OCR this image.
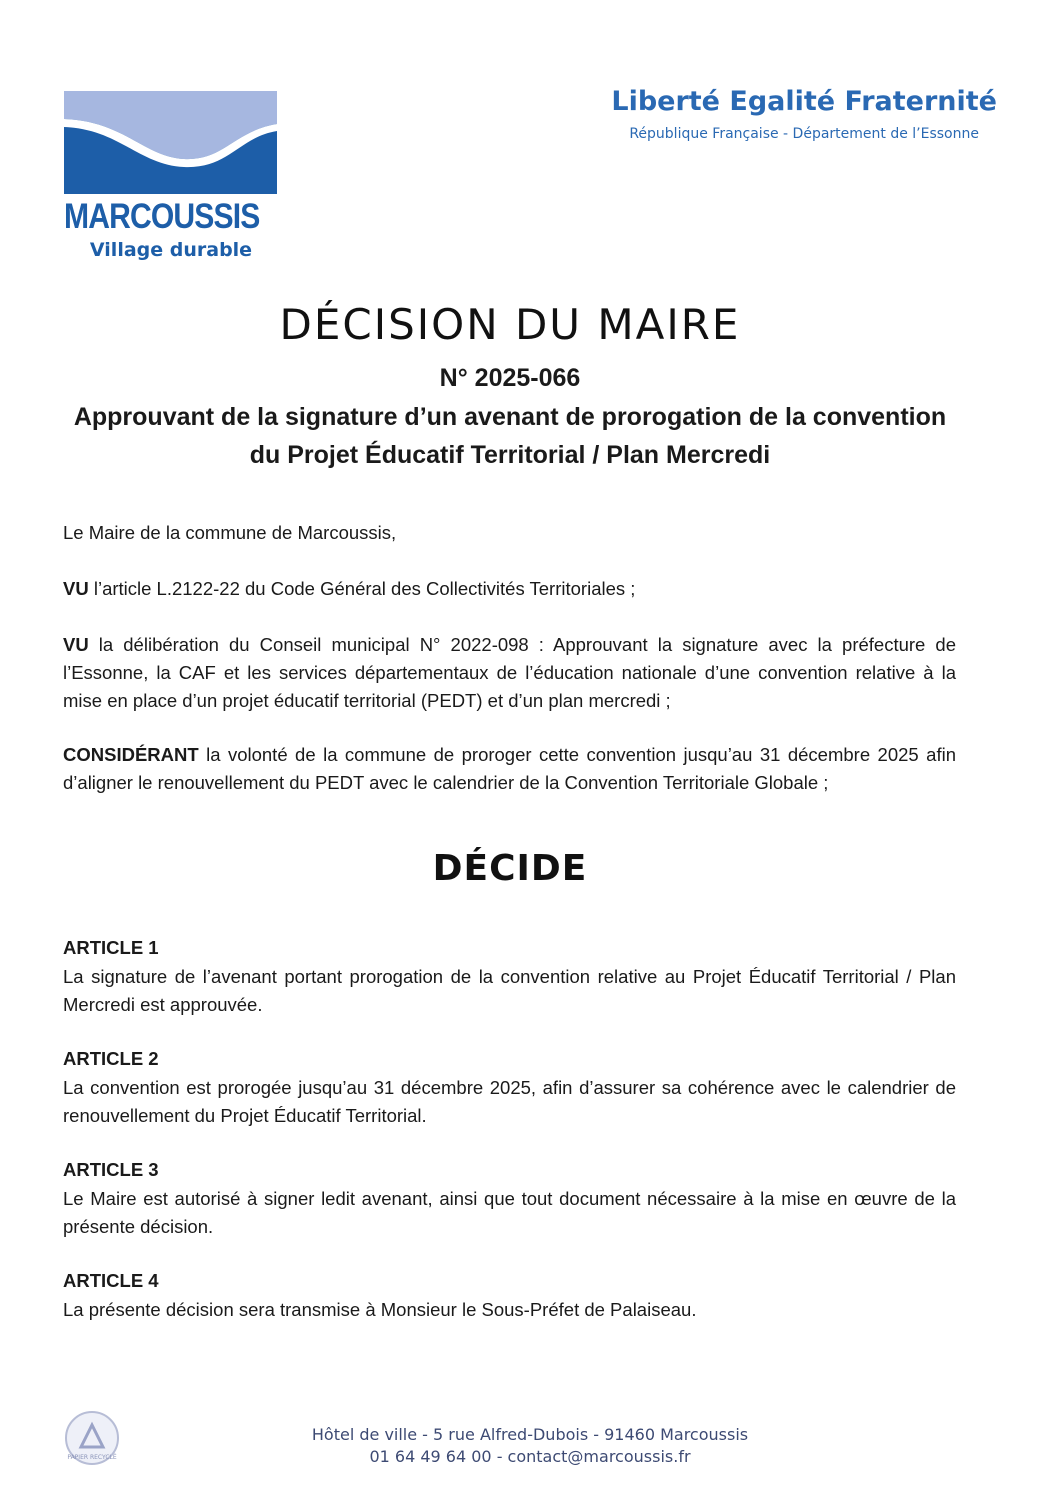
MARCOUSSIS
Village durable
Liberté Egalité Fraternité
République Française - Département de l’Essonne
DÉCISION DU MAIRE
N° 2025-066
Approuvant de la signature d’un avenant de prorogation de la convention
du Projet Éducatif Territorial / Plan Mercredi
Le Maire de la commune de Marcoussis,
VU l’article L.2122-22 du Code Général des Collectivités Territoriales ;
VU la délibération du Conseil municipal N° 2022-098 : Approuvant la signature avec la préfecture de l’Essonne, la CAF et les services départementaux de l’éducation nationale d’une convention relative à la mise en place d’un projet éducatif territorial (PEDT) et d’un plan mercredi ;
CONSIDÉRANT la volonté de la commune de proroger cette convention jusqu’au 31 décembre 2025 afin d’aligner le renouvellement du PEDT avec le calendrier de la Convention Territoriale Globale ;
DÉCIDE
ARTICLE 1
La signature de l’avenant portant prorogation de la convention relative au Projet Éducatif Territorial / Plan Mercredi est approuvée.
ARTICLE 2
La convention est prorogée jusqu’au 31 décembre 2025, afin d’assurer sa cohérence avec le calendrier de renouvellement du Projet Éducatif Territorial.
ARTICLE 3
Le Maire est autorisé à signer ledit avenant, ainsi que tout document nécessaire à la mise en œuvre de la présente décision.
ARTICLE 4
La présente décision sera transmise à Monsieur le Sous-Préfet de Palaiseau.
PAPIER RECYCLÉ
Hôtel de ville - 5 rue Alfred-Dubois - 91460 Marcoussis
01 64 49 64 00 - contact@marcoussis.fr
